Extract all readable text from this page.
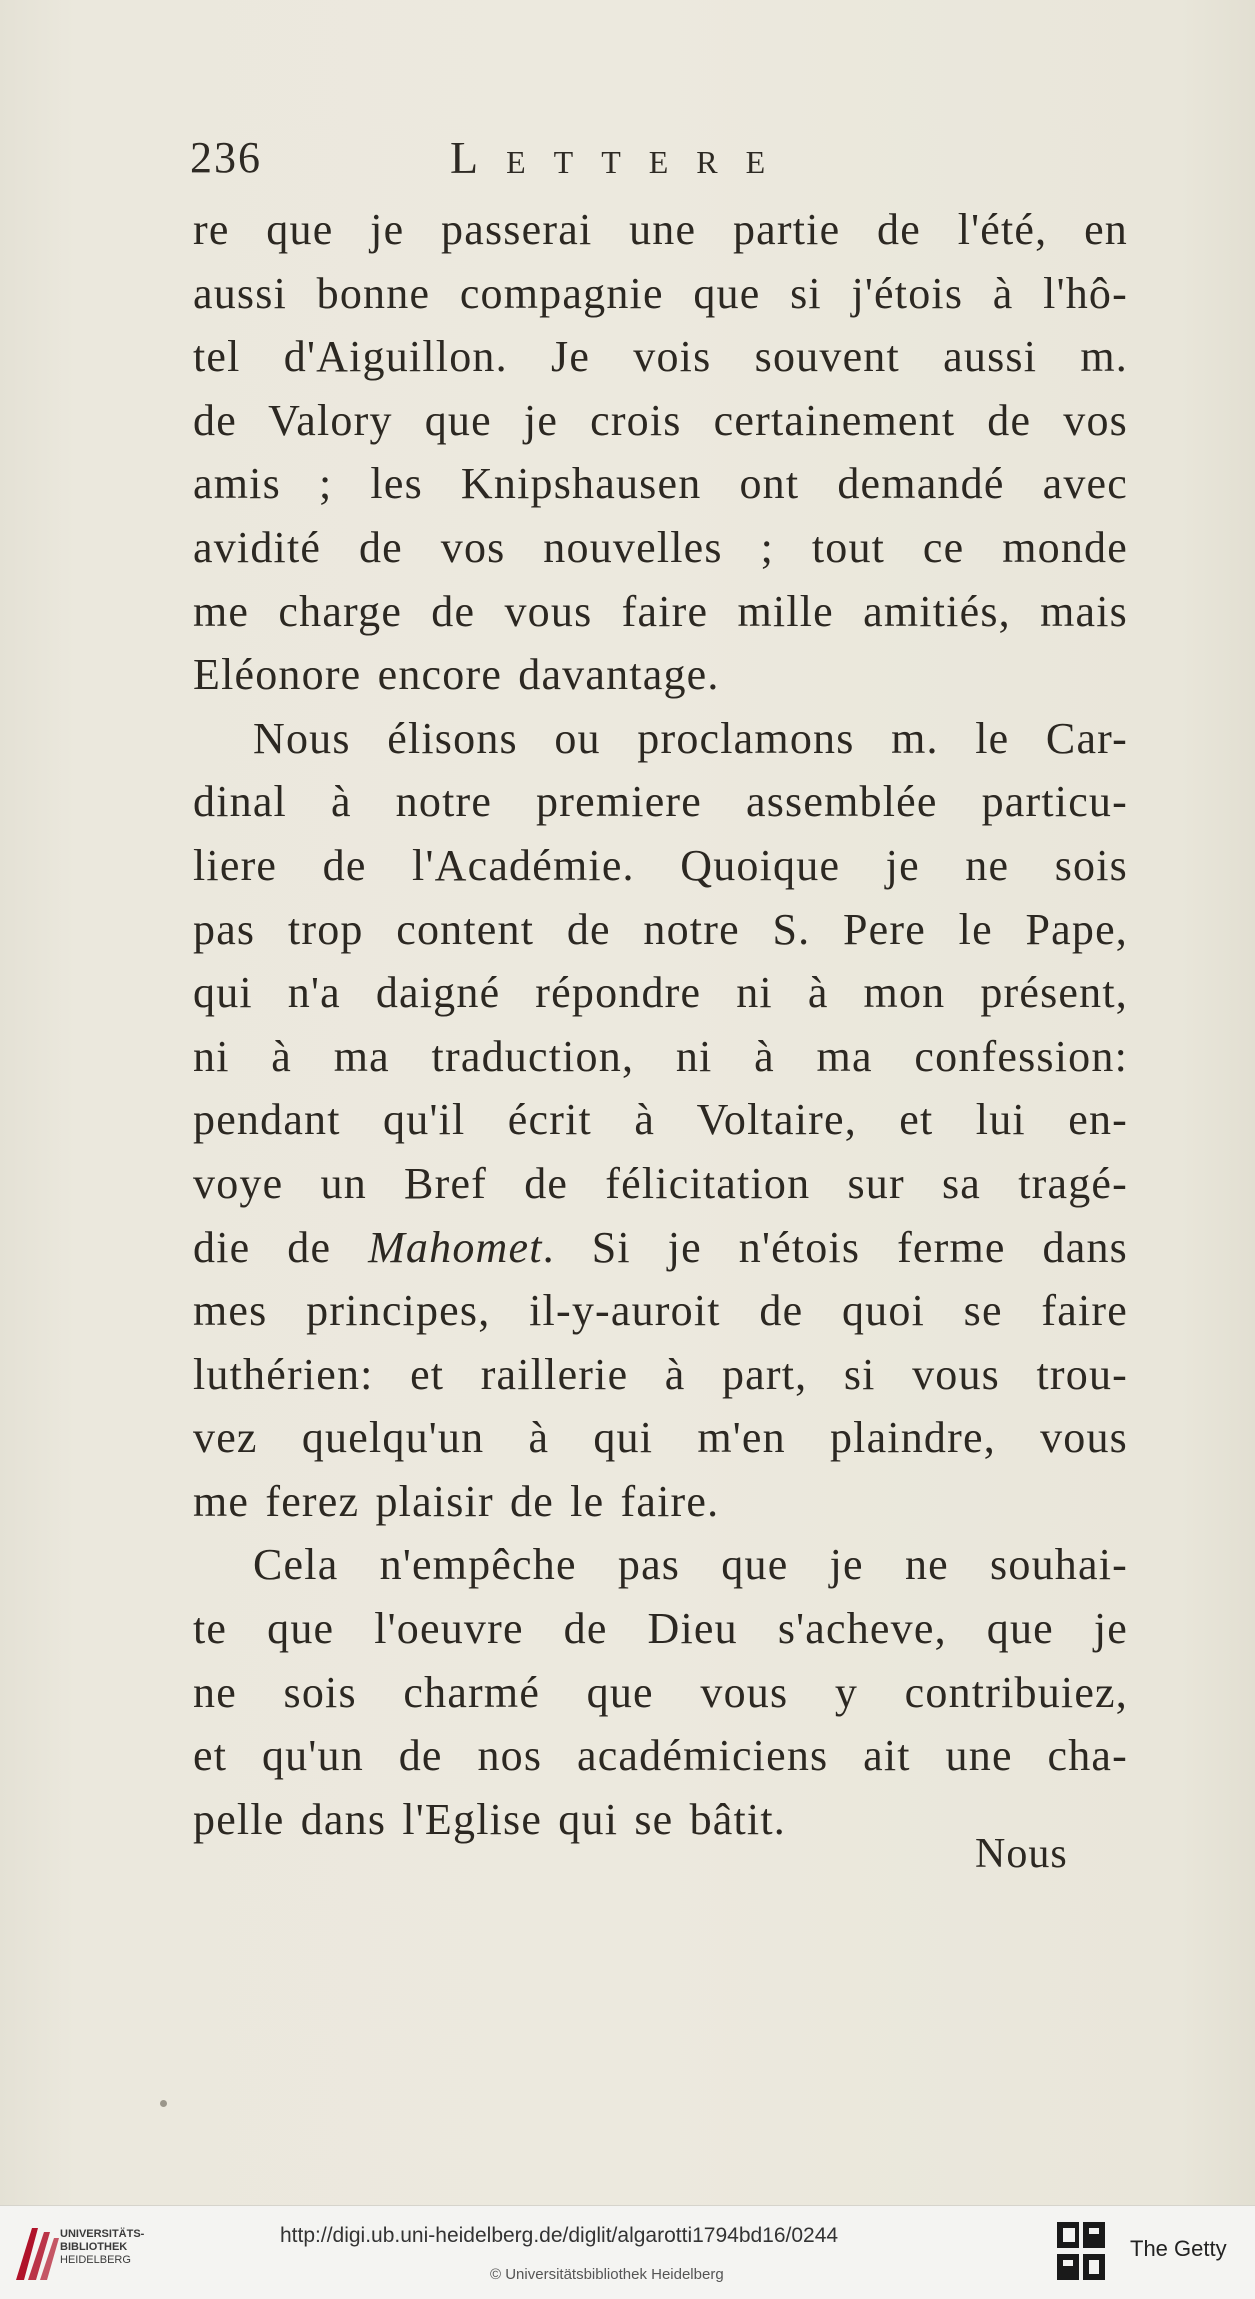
236	Lettere
re que je passerai une partie de l'été, en
aussi bonne compagnie que si j'étois à l'hô-
tel d'Aiguillon. Je vois souvent aussi m.
de Valory que je crois certainement de vos
amis ; les Knipshausen ont demandé avec
avidité de vos nouvelles ; tout ce monde
me charge de vous faire mille amitiés, mais
Eléonore encore davantage.
Nous élisons ou proclamons m. le Car-
dinal à notre premiere assemblée particu-
liere de l'Académie. Quoique je ne sois
pas trop content de notre S. Pere le Pape,
qui n'a daigné répondre ni à mon présent,
ni à ma traduction, ni à ma confession:
pendant qu'il écrit à Voltaire, et lui en-
voye un Bref de félicitation sur sa tragé-
die de Mahomet. Si je n'étois ferme dans
mes principes, il-y-auroit de quoi se faire
luthérien: et raillerie à part, si vous trou-
vez quelqu'un à qui m'en plaindre, vous
me ferez plaisir de le faire.
Cela n'empêche pas que je ne souhai-
te que l'oeuvre de Dieu s'acheve, que je
ne sois charmé que vous y contribuiez,
et qu'un de nos académiciens ait une cha-
pelle dans l'Eglise qui se bâtit.
Nous
UNIVERSITÄTS-
BIBLIOTHEK
HEIDELBERG
http://digi.ub.uni-heidelberg.de/diglit/algarotti1794bd16/0244
© Universitätsbibliothek Heidelberg
The Getty
